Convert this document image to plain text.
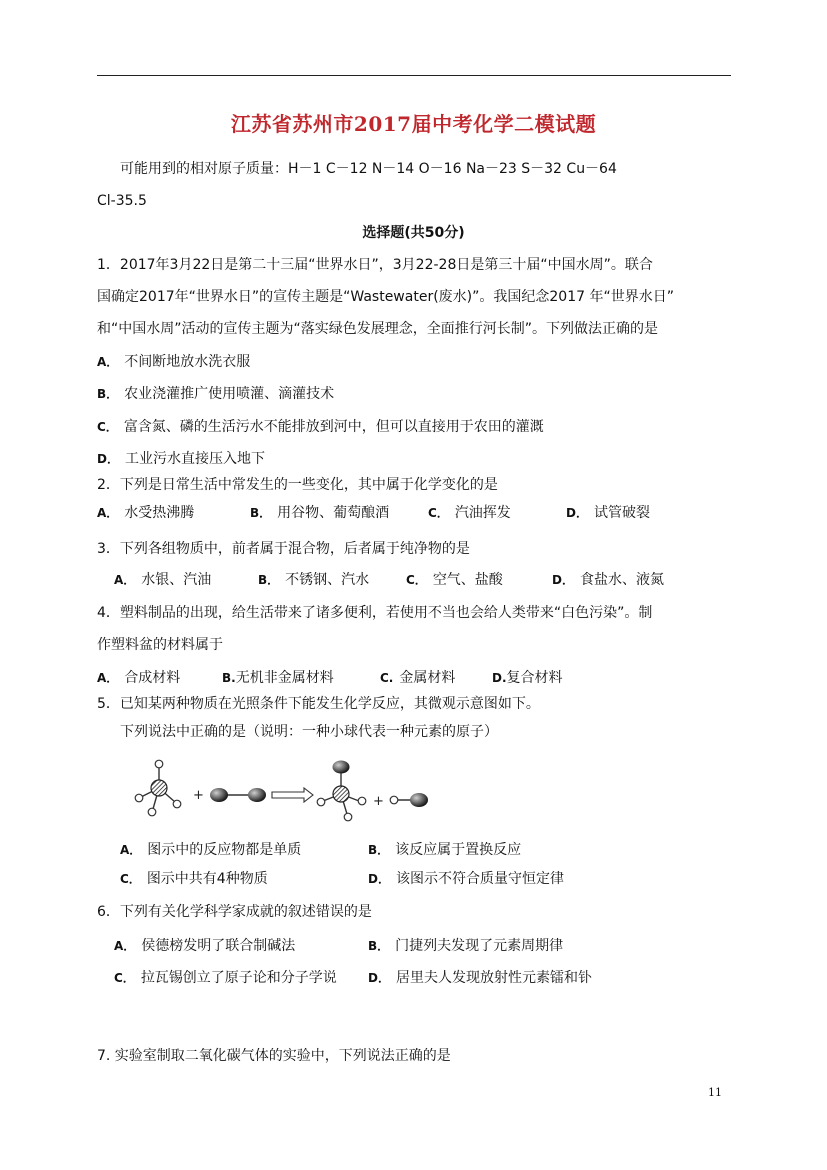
江苏省苏州市2017届中考化学二模试题
可能用到的相对原子质量：H－1 C－12 N－14 O－16 Na－23 S－32 Cu－64
Cl-35.5
选择题(共50分)
1．2017年3月22日是第二十三届“世界水日”，3月22-28日是第三十届“中国水周”。联合
国确定2017年“世界水日”的宣传主题是“Wastewater(废水)”。我国纪念2017 年“世界水日”
和“中国水周”活动的宣传主题为“落实绿色发展理念，全面推行河长制”。下列做法正确的是
A． 不间断地放水洗衣服
B． 农业浇灌推广使用喷灌、滴灌技术
C． 富含氮、磷的生活污水不能排放到河中，但可以直接用于农田的灌溉
D． 工业污水直接压入地下
2．下列是日常生活中常发生的一些变化，其中属于化学变化的是
A． 水受热沸腾	B． 用谷物、葡萄酿酒	C． 汽油挥发	D． 试管破裂
3．下列各组物质中，前者属于混合物，后者属于纯净物的是
A． 水银、汽油	B． 不锈钢、汽水	C． 空气、盐酸	D． 食盐水、液氮
4．塑料制品的出现，给生活带来了诸多便利，若使用不当也会给人类带来“白色污染”。制
作塑料盆的材料属于
A． 合成材料	B.无机非金属材料	C. 金属材料	D.复合材料
5．已知某两种物质在光照条件下能发生化学反应，其微观示意图如下。
下列说法中正确的是（说明：一种小球代表一种元素的原子）
+	+
A． 图示中的反应物都是单质	B． 该反应属于置换反应
C． 图示中共有4种物质	D． 该图示不符合质量守恒定律
6．下列有关化学科学家成就的叙述错误的是
A． 侯德榜发明了联合制碱法	B． 门捷列夫发现了元素周期律
C． 拉瓦锡创立了原子论和分子学说	D． 居里夫人发现放射性元素镭和钋
7. 实验室制取二氧化碳气体的实验中，下列说法正确的是
11
